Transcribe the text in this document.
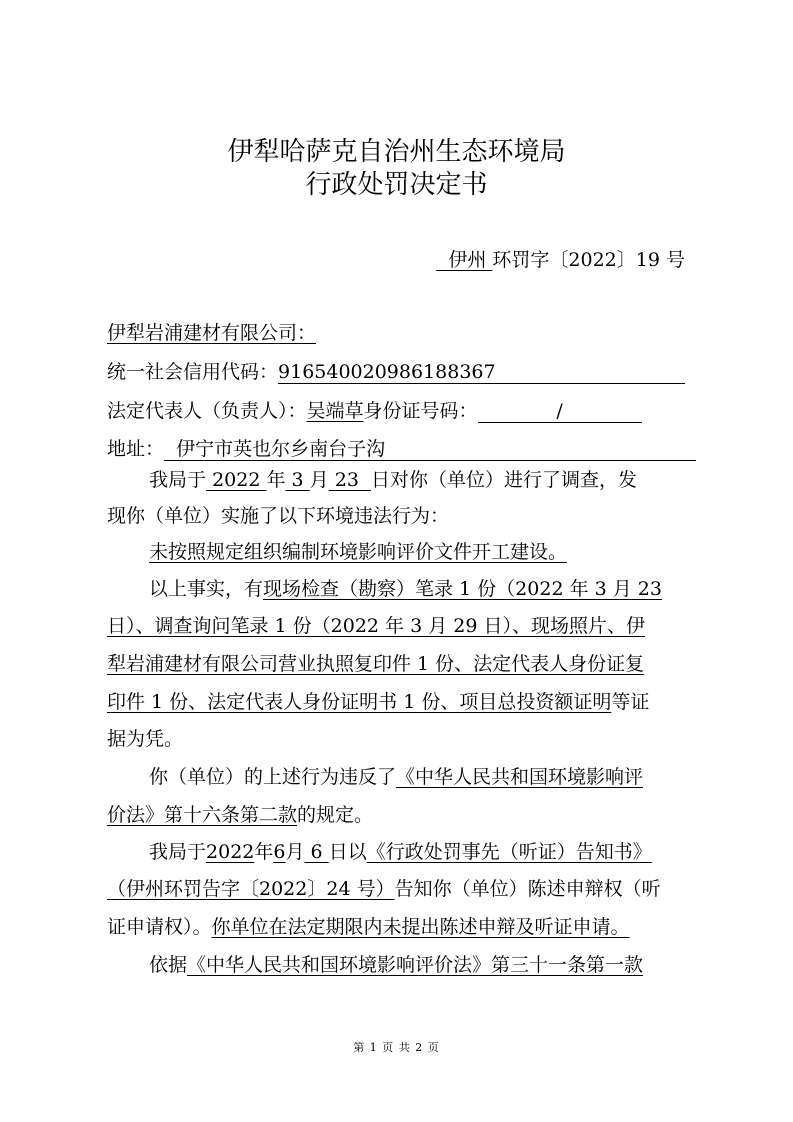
伊犁哈萨克自治州生态环境局
行政处罚决定书
伊州 环罚字〔2022〕19 号
伊犁岩浦建材有限公司：
统一社会信用代码：916540020986188367
法定代表人（负责人）：吴端草身份证号码：	/
地址： 伊宁市英也尔乡南台子沟
我局于 2022 年 3 月 23 日对你（单位）进行了调查，发
现你（单位）实施了以下环境违法行为：
未按照规定组织编制环境影响评价文件开工建设。
以上事实，有现场检查（勘察）笔录 1 份（2022 年 3 月 23
日）、调查询问笔录 1 份（2022 年 3 月 29 日）、现场照片、伊
犁岩浦建材有限公司营业执照复印件 1 份、法定代表人身份证复
印件 1 份、法定代表人身份证明书 1 份、项目总投资额证明等证
据为凭。
你（单位）的上述行为违反了《中华人民共和国环境影响评
价法》第十六条第二款的规定。
我局于2022年6月 6 日以《行政处罚事先（听证）告知书》
（伊州环罚告字〔2022〕24 号）告知你（单位）陈述申辩权（听
证申请权）。你单位在法定期限内未提出陈述申辩及听证申请。
依据《中华人民共和国环境影响评价法》第三十一条第一款
第 1 页 共 2 页
